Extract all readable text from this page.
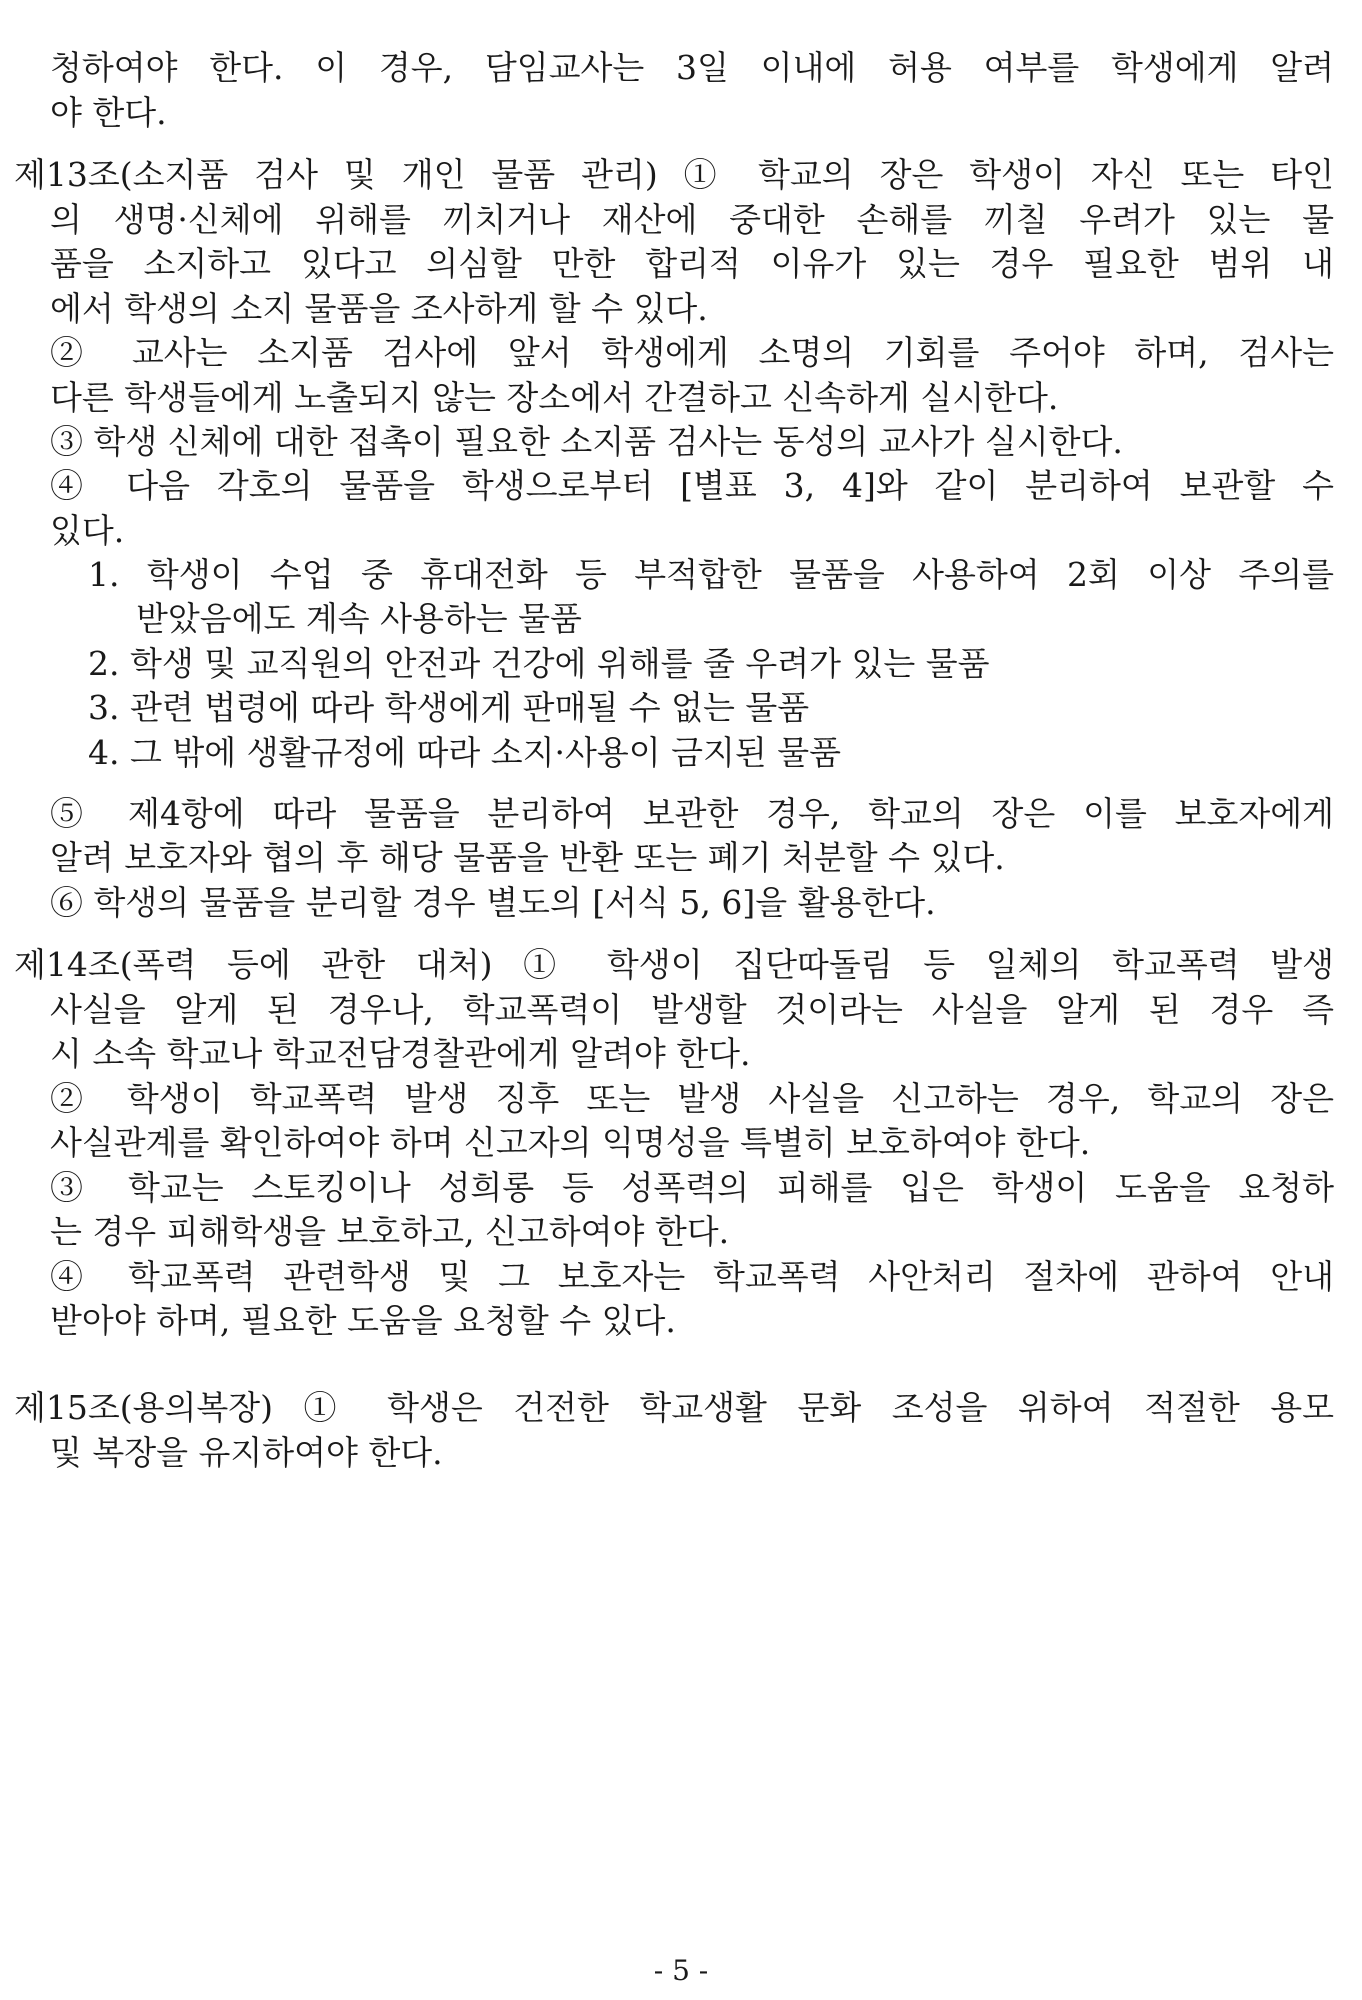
청하여야 한다. 이 경우, 담임교사는 3일 이내에 허용 여부를 학생에게 알려

야 한다.

제13조(소지품 검사 및 개인 물품 관리) ① 학교의 장은 학생이 자신 또는 타인

의 생명·신체에 위해를 끼치거나 재산에 중대한 손해를 끼칠 우려가 있는 물

품을 소지하고 있다고 의심할 만한 합리적 이유가 있는 경우 필요한 범위 내

에서 학생의 소지 물품을 조사하게 할 수 있다.

② 교사는 소지품 검사에 앞서 학생에게 소명의 기회를 주어야 하며, 검사는

다른 학생들에게 노출되지 않는 장소에서 간결하고 신속하게 실시한다.

③ 학생 신체에 대한 접촉이 필요한 소지품 검사는 동성의 교사가 실시한다.

④ 다음 각호의 물품을 학생으로부터 [별표 3, 4]와 같이 분리하여 보관할 수

있다.

1. 학생이 수업 중 휴대전화 등 부적합한 물품을 사용하여 2회 이상 주의를

받았음에도 계속 사용하는 물품

2. 학생 및 교직원의 안전과 건강에 위해를 줄 우려가 있는 물품

3. 관련 법령에 따라 학생에게 판매될 수 없는 물품

4. 그 밖에 생활규정에 따라 소지·사용이 금지된 물품

⑤ 제4항에 따라 물품을 분리하여 보관한 경우, 학교의 장은 이를 보호자에게

알려 보호자와 협의 후 해당 물품을 반환 또는 폐기 처분할 수 있다.

⑥ 학생의 물품을 분리할 경우 별도의 [서식 5, 6]을 활용한다.

제14조(폭력 등에 관한 대처) ① 학생이 집단따돌림 등 일체의 학교폭력 발생

사실을 알게 된 경우나, 학교폭력이 발생할 것이라는 사실을 알게 된 경우 즉

시 소속 학교나 학교전담경찰관에게 알려야 한다.

② 학생이 학교폭력 발생 징후 또는 발생 사실을 신고하는 경우, 학교의 장은

사실관계를 확인하여야 하며 신고자의 익명성을 특별히 보호하여야 한다.

③ 학교는 스토킹이나 성희롱 등 성폭력의 피해를 입은 학생이 도움을 요청하

는 경우 피해학생을 보호하고, 신고하여야 한다.

④ 학교폭력 관련학생 및 그 보호자는 학교폭력 사안처리 절차에 관하여 안내

받아야 하며, 필요한 도움을 요청할 수 있다.

제15조(용의복장) ① 학생은 건전한 학교생활 문화 조성을 위하여 적절한 용모

및 복장을 유지하여야 한다.

- 5 -
